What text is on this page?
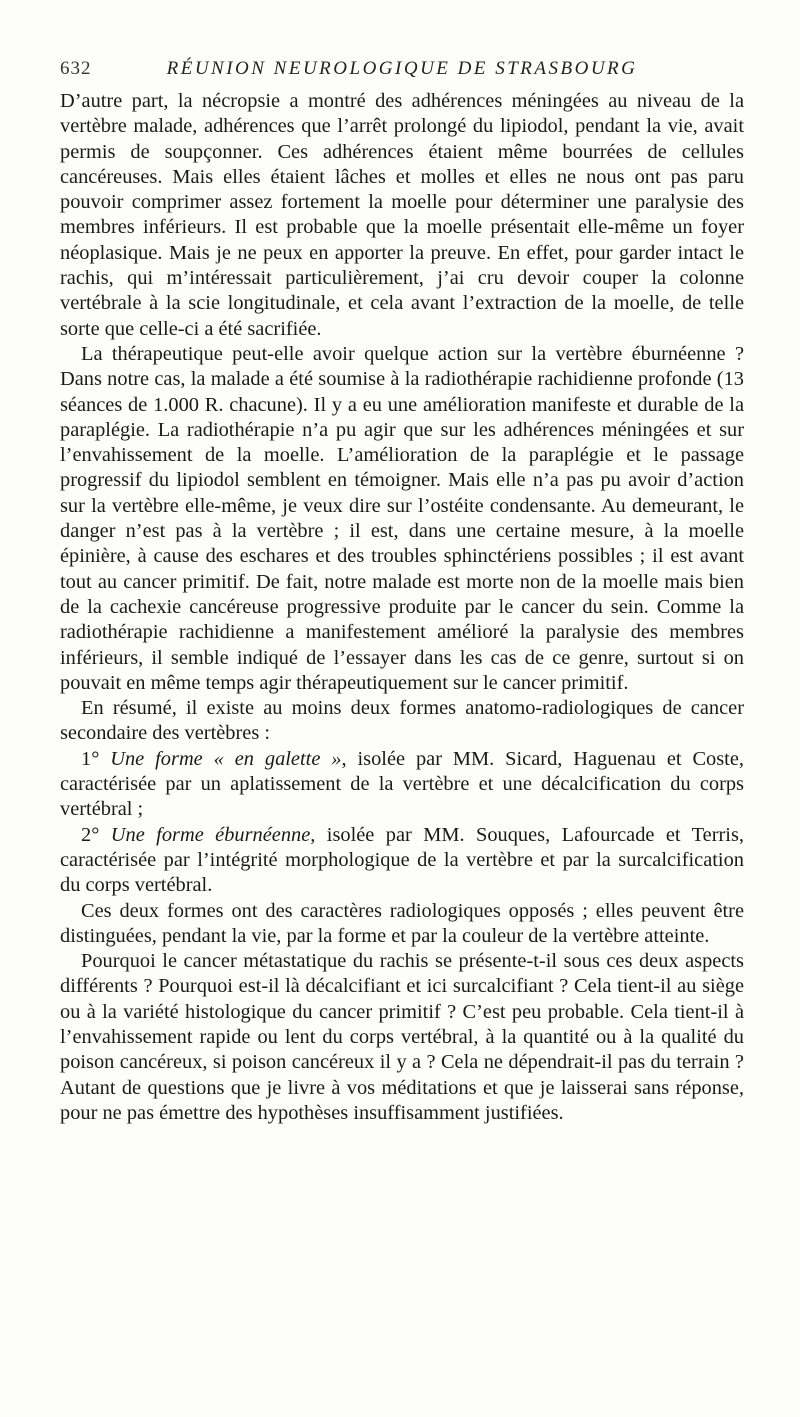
632	RÉUNION NEUROLOGIQUE DE STRASBOURG

D’autre part, la nécropsie a montré des adhérences méningées au niveau de la vertèbre malade, adhérences que l’arrêt prolongé du lipiodol, pendant la vie, avait permis de soupçonner. Ces adhérences étaient même bourrées de cellules cancéreuses. Mais elles étaient lâches et molles et elles ne nous ont pas paru pouvoir comprimer assez fortement la moelle pour déterminer une paralysie des membres inférieurs. Il est probable que la moelle présentait elle-même un foyer néoplasique. Mais je ne peux en apporter la preuve. En effet, pour garder intact le rachis, qui m’intéressait particulièrement, j’ai cru devoir couper la colonne vertébrale à la scie longitudinale, et cela avant l’extraction de la moelle, de telle sorte que celle-ci a été sacrifiée.

La thérapeutique peut-elle avoir quelque action sur la vertèbre éburnéenne ? Dans notre cas, la malade a été soumise à la radiothérapie rachidienne profonde (13 séances de 1.000 R. chacune). Il y a eu une amélioration manifeste et durable de la paraplégie. La radiothérapie n’a pu agir que sur les adhérences méningées et sur l’envahissement de la moelle. L’amélioration de la paraplégie et le passage progressif du lipiodol semblent en témoigner. Mais elle n’a pas pu avoir d’action sur la vertèbre elle-même, je veux dire sur l’ostéite condensante. Au demeurant, le danger n’est pas à la vertèbre ; il est, dans une certaine mesure, à la moelle épinière, à cause des eschares et des troubles sphinctériens possibles ; il est avant tout au cancer primitif. De fait, notre malade est morte non de la moelle mais bien de la cachexie cancéreuse progressive produite par le cancer du sein. Comme la radiothérapie rachidienne a manifestement amélioré la paralysie des membres inférieurs, il semble indiqué de l’essayer dans les cas de ce genre, surtout si on pouvait en même temps agir thérapeutiquement sur le cancer primitif.

En résumé, il existe au moins deux formes anatomo-radiologiques de cancer secondaire des vertèbres :

1° Une forme « en galette », isolée par MM. Sicard, Haguenau et Coste, caractérisée par un aplatissement de la vertèbre et une décalcification du corps vertébral ;

2° Une forme éburnéenne, isolée par MM. Souques, Lafourcade et Terris, caractérisée par l’intégrité morphologique de la vertèbre et par la surcalcification du corps vertébral.

Ces deux formes ont des caractères radiologiques opposés ; elles peuvent être distinguées, pendant la vie, par la forme et par la couleur de la vertèbre atteinte.

Pourquoi le cancer métastatique du rachis se présente-t-il sous ces deux aspects différents ? Pourquoi est-il là décalcifiant et ici surcalcifiant ? Cela tient-il au siège ou à la variété histologique du cancer primitif ? C’est peu probable. Cela tient-il à l’envahissement rapide ou lent du corps vertébral, à la quantité ou à la qualité du poison cancéreux, si poison cancéreux il y a ? Cela ne dépendrait-il pas du terrain ? Autant de questions que je livre à vos méditations et que je laisserai sans réponse, pour ne pas émettre des hypothèses insuffisamment justifiées.
